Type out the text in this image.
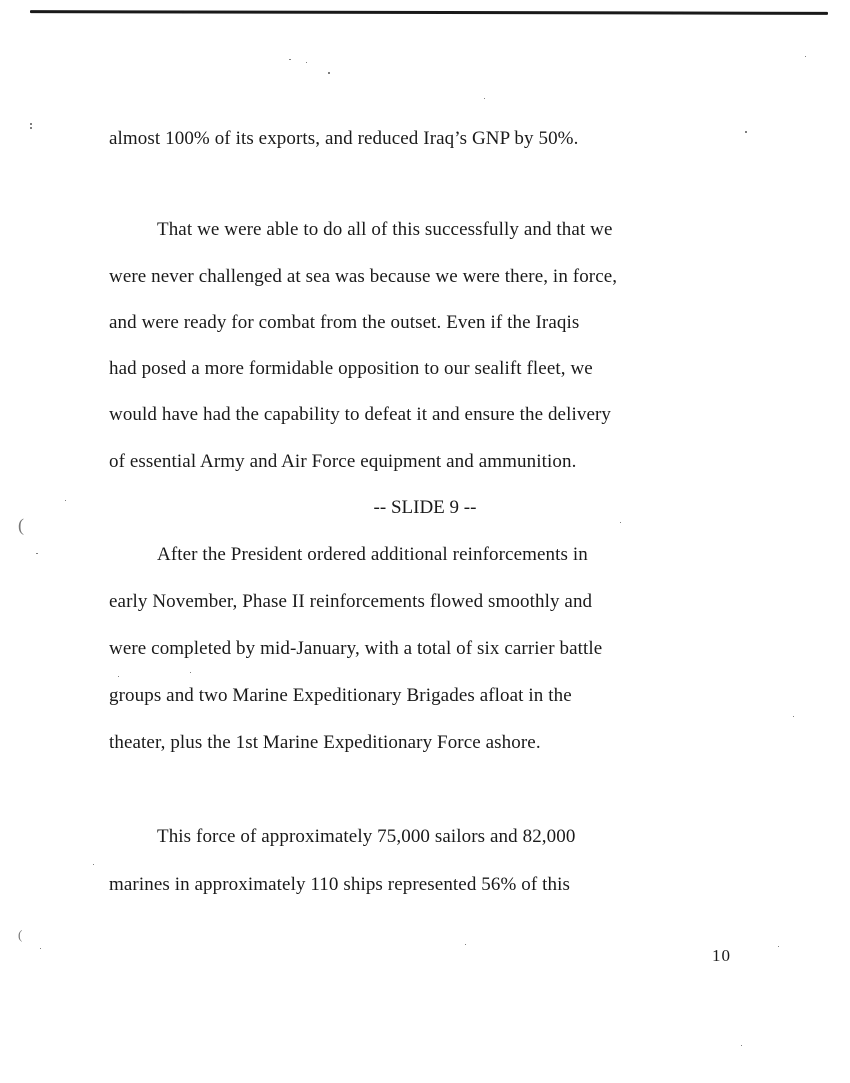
almost 100% of its exports, and reduced Iraq’s GNP by 50%.
That we were able to do all of this successfully and that we
were never challenged at sea was because we were there, in force,
and were ready for combat from the outset. Even if the Iraqis
had posed a more formidable opposition to our sealift fleet, we
would have had the capability to defeat it and ensure the delivery
of essential Army and Air Force equipment and ammunition.
-- SLIDE 9 --
After the President ordered additional reinforcements in
early November, Phase II reinforcements flowed smoothly and
were completed by mid-January, with a total of six carrier battle
groups and two Marine Expeditionary Brigades afloat in the
theater, plus the 1st Marine Expeditionary Force ashore.
This force of approximately 75,000 sailors and 82,000
marines in approximately 110 ships represented 56% of this
10
(
(
